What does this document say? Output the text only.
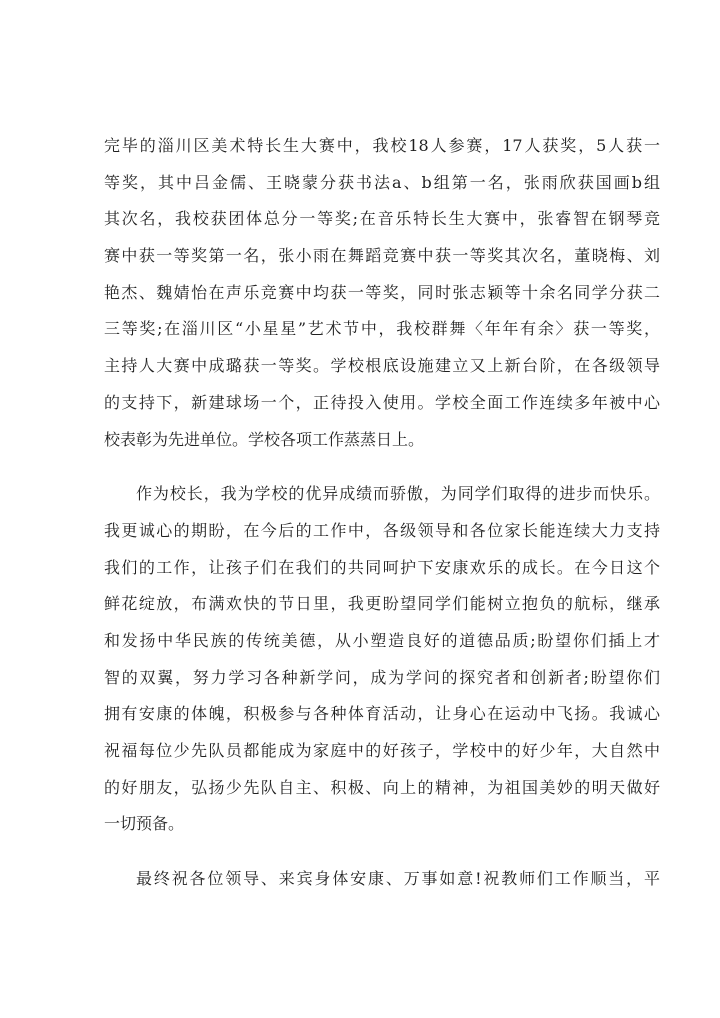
完毕的淄川区美术特长生大赛中，我校18人参赛，17人获奖，5人获一
等奖，其中吕金儒、王晓蒙分获书法a、b组第一名，张雨欣获国画b组
其次名，我校获团体总分一等奖;在音乐特长生大赛中，张睿智在钢琴竞
赛中获一等奖第一名，张小雨在舞蹈竞赛中获一等奖其次名，董晓梅、刘
艳杰、魏婧怡在声乐竞赛中均获一等奖，同时张志颖等十余名同学分获二
三等奖;在淄川区“小星星”艺术节中，我校群舞〈年年有余〉获一等奖，
主持人大赛中成璐获一等奖。学校根底设施建立又上新台阶，在各级领导
的支持下，新建球场一个，正待投入使用。学校全面工作连续多年被中心
校表彰为先进单位。学校各项工作蒸蒸日上。
作为校长，我为学校的优异成绩而骄傲，为同学们取得的进步而快乐。
我更诚心的期盼，在今后的工作中，各级领导和各位家长能连续大力支持
我们的工作，让孩子们在我们的共同呵护下安康欢乐的成长。在今日这个
鲜花绽放，布满欢快的节日里，我更盼望同学们能树立抱负的航标，继承
和发扬中华民族的传统美德，从小塑造良好的道德品质;盼望你们插上才
智的双翼，努力学习各种新学问，成为学问的探究者和创新者;盼望你们
拥有安康的体魄，积极参与各种体育活动，让身心在运动中飞扬。我诚心
祝福每位少先队员都能成为家庭中的好孩子，学校中的好少年，大自然中
的好朋友，弘扬少先队自主、积极、向上的精神，为祖国美妙的明天做好
一切预备。
最终祝各位领导、来宾身体安康、万事如意!祝教师们工作顺当，平
